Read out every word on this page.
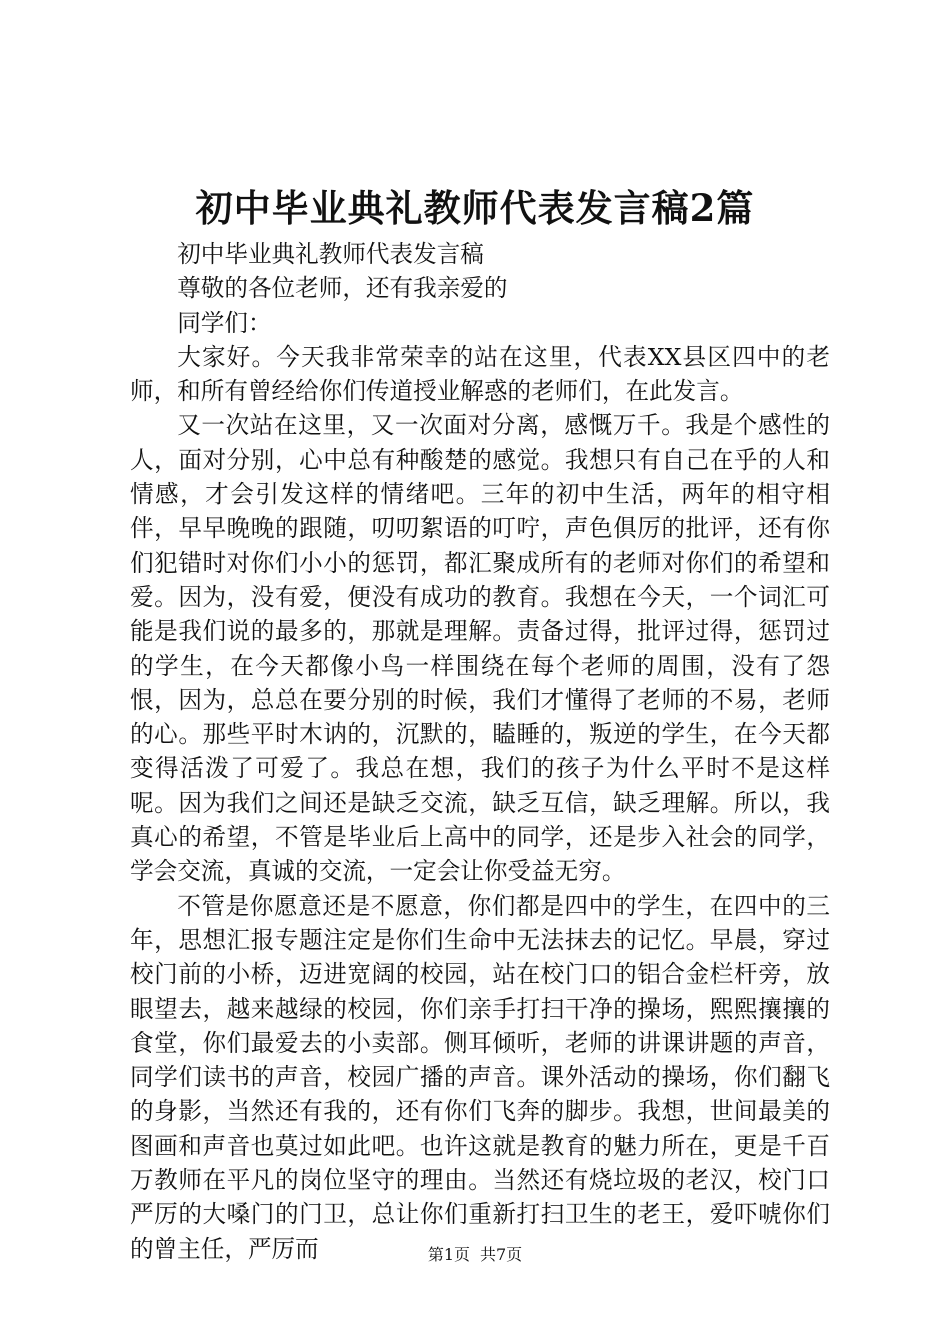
初中毕业典礼教师代表发言稿2篇

初中毕业典礼教师代表发言稿

尊敬的各位老师，还有我亲爱的

同学们：

大家好。今天我非常荣幸的站在这里，代表XX县区四中的老师，和所有曾经给你们传道授业解惑的老师们，在此发言。

又一次站在这里，又一次面对分离，感慨万千。我是个感性的人，面对分别，心中总有种酸楚的感觉。我想只有自己在乎的人和情感，才会引发这样的情绪吧。三年的初中生活，两年的相守相伴，早早晚晚的跟随，叨叨絮语的叮咛，声色俱厉的批评，还有你们犯错时对你们小小的惩罚，都汇聚成所有的老师对你们的希望和爱。因为，没有爱，便没有成功的教育。我想在今天，一个词汇可能是我们说的最多的，那就是理解。责备过得，批评过得，惩罚过的学生，在今天都像小鸟一样围绕在每个老师的周围，没有了怨恨，因为，总总在要分别的时候，我们才懂得了老师的不易，老师的心。那些平时木讷的，沉默的，瞌睡的，叛逆的学生，在今天都变得活泼了可爱了。我总在想，我们的孩子为什么平时不是这样呢。因为我们之间还是缺乏交流，缺乏互信，缺乏理解。所以，我真心的希望，不管是毕业后上高中的同学，还是步入社会的同学，学会交流，真诚的交流，一定会让你受益无穷。

不管是你愿意还是不愿意，你们都是四中的学生，在四中的三年，思想汇报专题注定是你们生命中无法抹去的记忆。早晨，穿过校门前的小桥，迈进宽阔的校园，站在校门口的铝合金栏杆旁，放眼望去，越来越绿的校园，你们亲手打扫干净的操场，熙熙攘攘的食堂，你们最爱去的小卖部。侧耳倾听，老师的讲课讲题的声音，同学们读书的声音，校园广播的声音。课外活动的操场，你们翻飞的身影，当然还有我的，还有你们飞奔的脚步。我想，世间最美的图画和声音也莫过如此吧。也许这就是教育的魅力所在，更是千百万教师在平凡的岗位坚守的理由。当然还有烧垃圾的老汉，校门口严厉的大嗓门的门卫，总让你们重新打扫卫生的老王，爱吓唬你们的曾主任，严厉而	第1页 共7页
